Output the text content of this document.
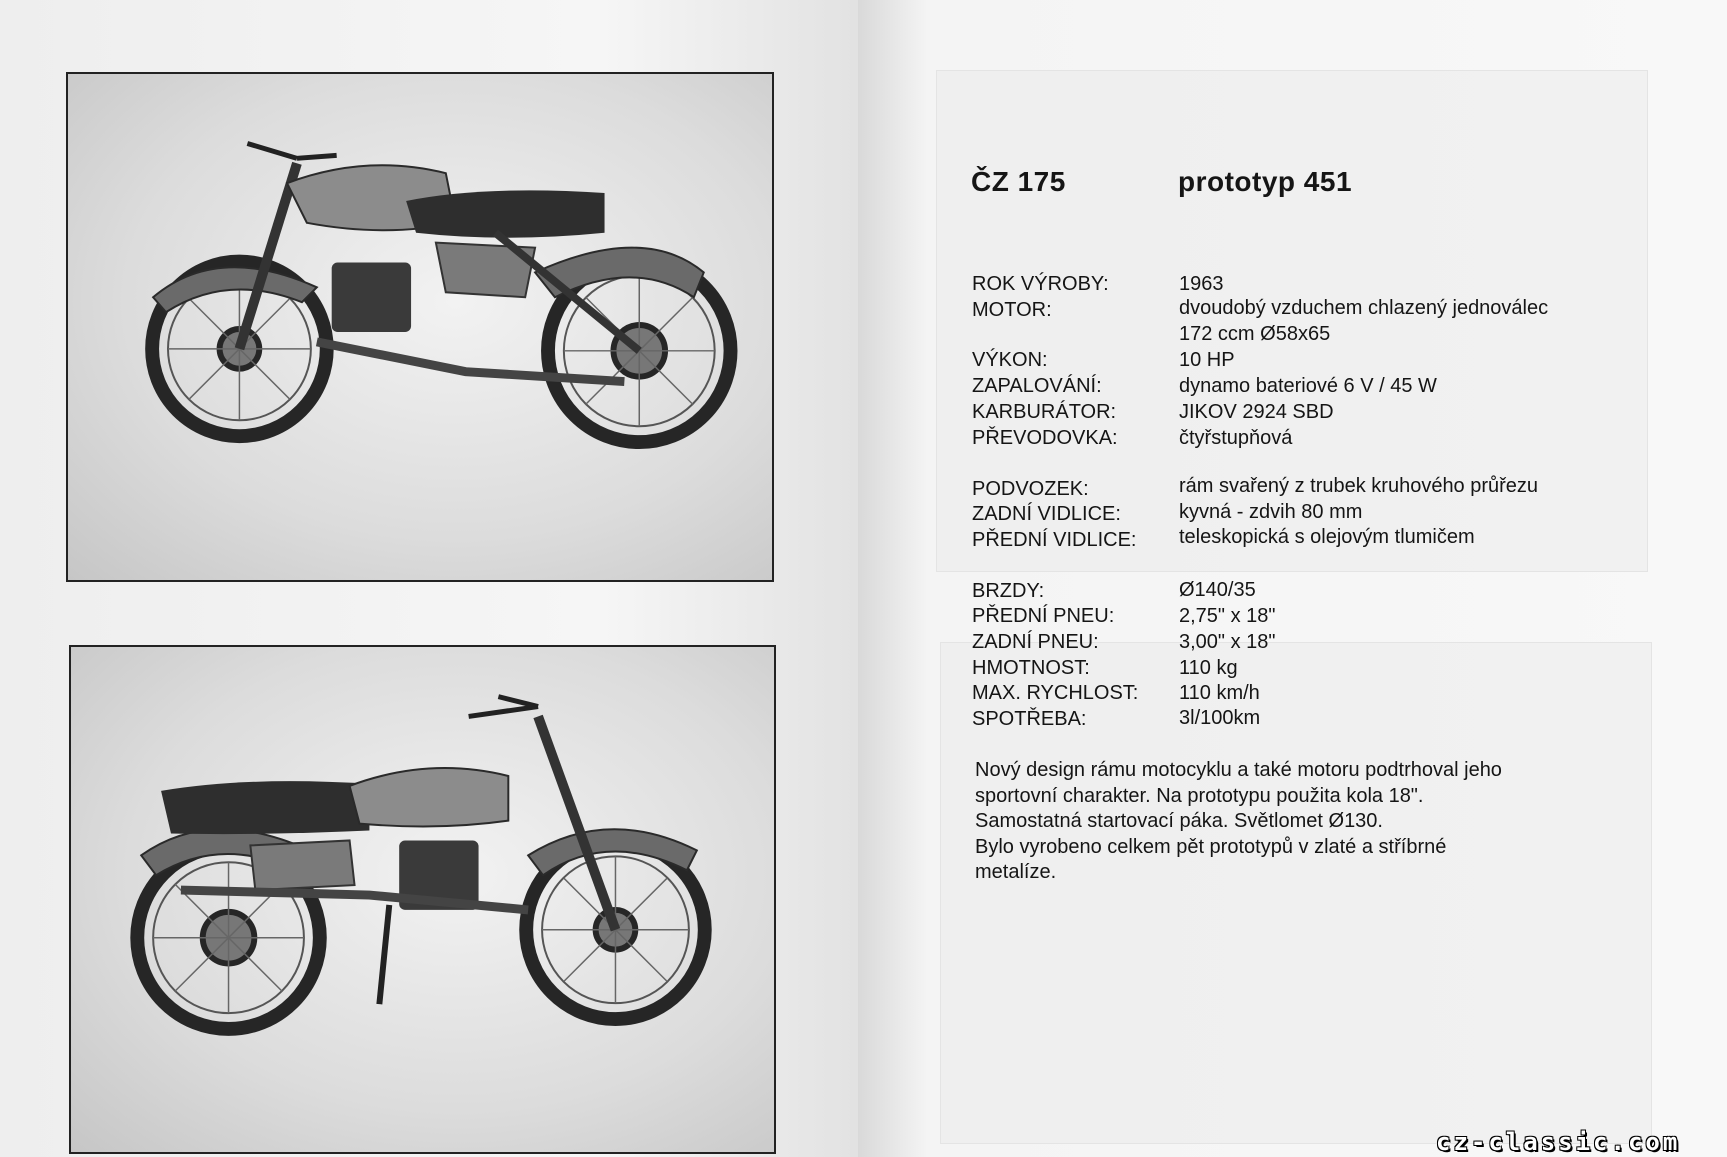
ČZ 175	prototyp 451
ROK VÝROBY:	1963
MOTOR:	dvoudobý vzduchem chlazený jednoválec
172 ccm Ø58x65
VÝKON:	10 HP
ZAPALOVÁNÍ:	dynamo bateriové 6 V / 45 W
KARBURÁTOR:	JIKOV 2924 SBD
PŘEVODOVKA:	čtyřstupňová
PODVOZEK:	rám svařený z trubek kruhového průřezu
ZADNÍ VIDLICE:	kyvná - zdvih 80 mm
PŘEDNÍ VIDLICE: teleskopická s olejovým tlumičem
BRZDY:	Ø140/35
PŘEDNÍ PNEU:	2,75" x 18"
ZADNÍ PNEU:	3,00" x 18"
HMOTNOST:	110 kg
MAX. RYCHLOST: 110 km/h
SPOTŘEBA:	3l/100km
Nový design rámu motocyklu a také motoru podtrhoval jeho
sportovní charakter. Na prototypu použita kola 18".
Samostatná startovací páka. Světlomet Ø130.
Bylo vyrobeno celkem pět prototypů v zlaté a stříbrné
metalíze.
cz-classic.com
